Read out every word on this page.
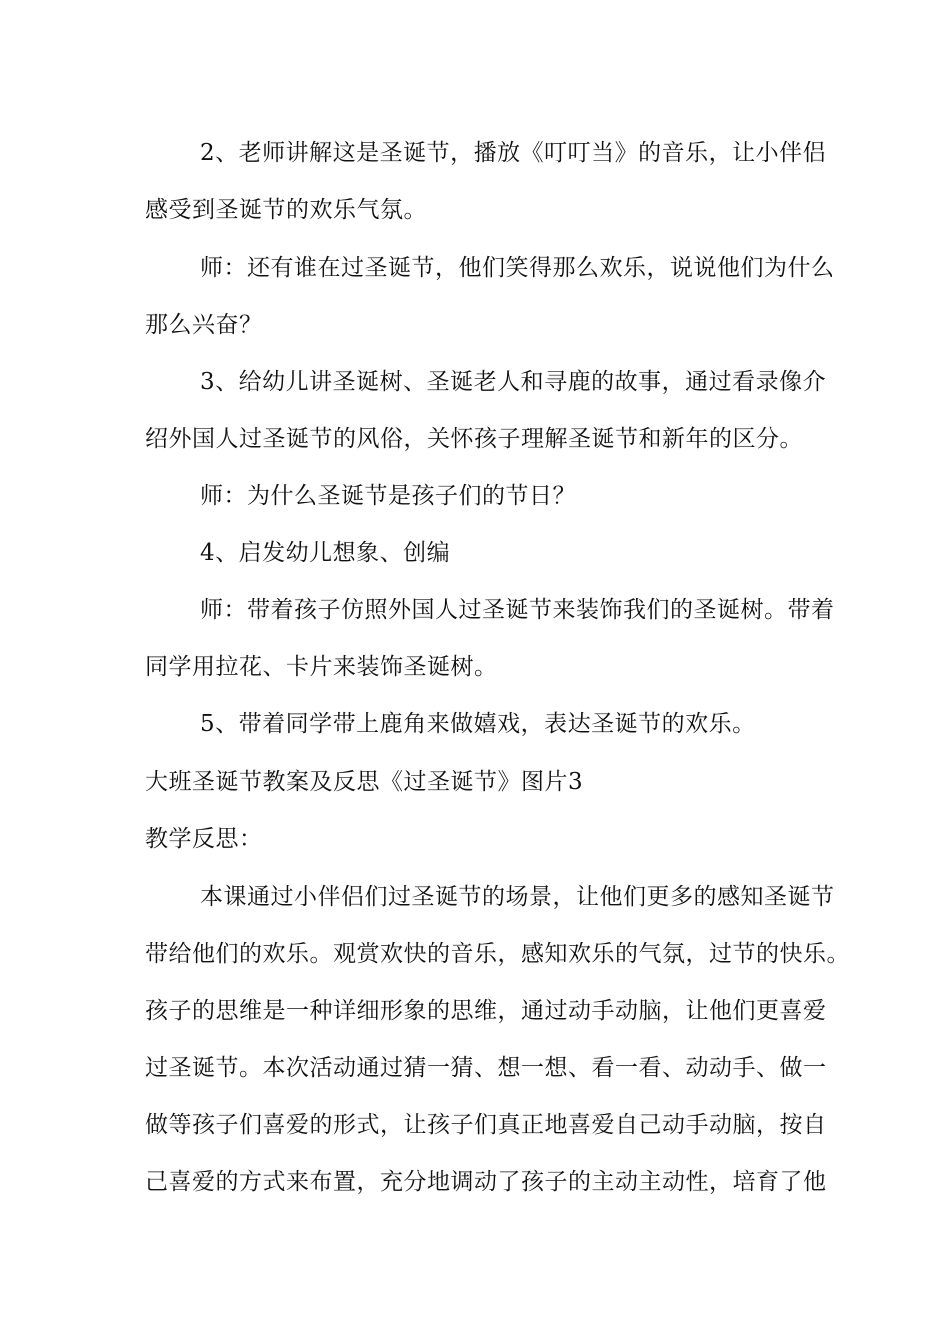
2、老师讲解这是圣诞节，播放《叮叮当》的音乐，让小伴侣
感受到圣诞节的欢乐气氛。
师：还有谁在过圣诞节，他们笑得那么欢乐，说说他们为什么
那么兴奋？
3、给幼儿讲圣诞树、圣诞老人和寻鹿的故事，通过看录像介
绍外国人过圣诞节的风俗，关怀孩子理解圣诞节和新年的区分。
师：为什么圣诞节是孩子们的节日？
4、启发幼儿想象、创编
师：带着孩子仿照外国人过圣诞节来装饰我们的圣诞树。带着
同学用拉花、卡片来装饰圣诞树。
5、带着同学带上鹿角来做嬉戏，表达圣诞节的欢乐。
大班圣诞节教案及反思《过圣诞节》图片3
教学反思：
本课通过小伴侣们过圣诞节的场景，让他们更多的感知圣诞节
带给他们的欢乐。观赏欢快的音乐，感知欢乐的气氛，过节的快乐。
孩子的思维是一种详细形象的思维，通过动手动脑，让他们更喜爱
过圣诞节。本次活动通过猜一猜、想一想、看一看、动动手、做一
做等孩子们喜爱的形式，让孩子们真正地喜爱自己动手动脑，按自
己喜爱的方式来布置，充分地调动了孩子的主动主动性，培育了他
